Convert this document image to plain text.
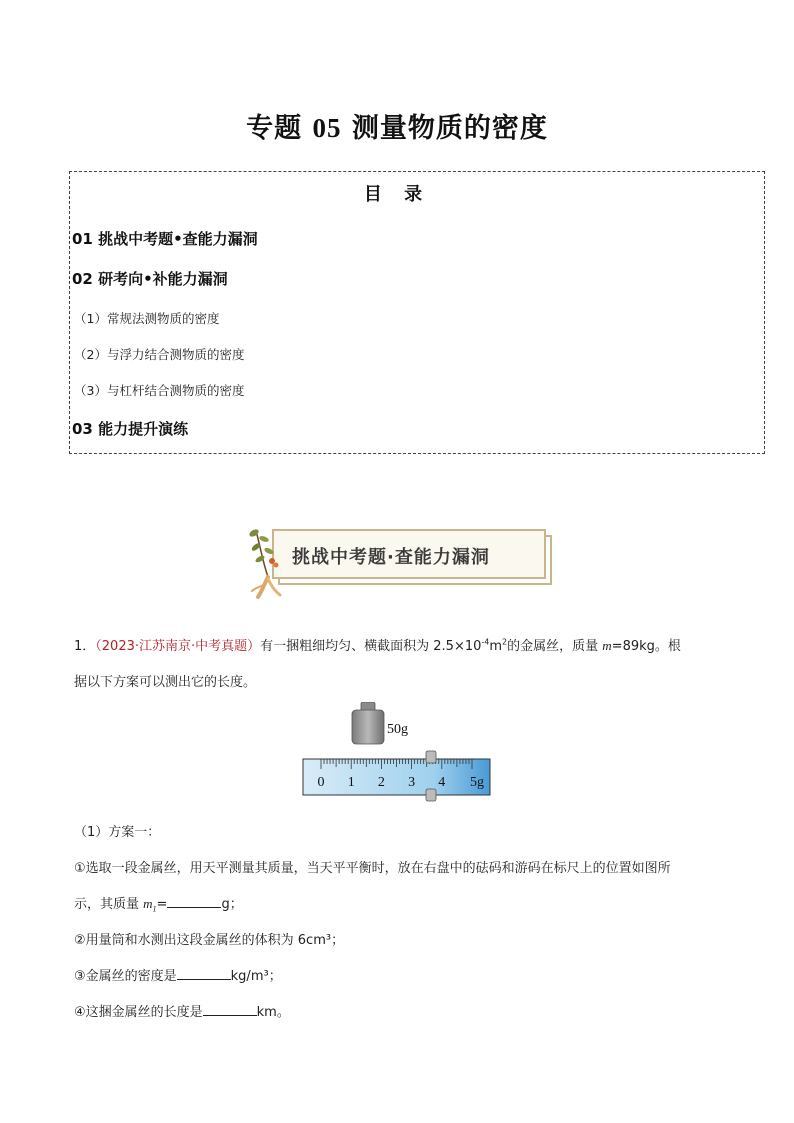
专题 05 测量物质的密度
目 录
01 挑战中考题•查能力漏洞
02 研考向•补能力漏洞
（1）常规法测物质的密度
（2）与浮力结合测物质的密度
（3）与杠杆结合测物质的密度
03 能力提升演练
挑战中考题·查能力漏洞
1．（2023·江苏南京·中考真题）有一捆粗细均匀、横截面积为 $2.5\times 10^{-4}m^2$的金属丝，质量 m=89kg。根
据以下方案可以测出它的长度。
0 1 2 3 4 5g
50g
（1）方案一：
①选取一段金属丝，用天平测量其质量，当天平平衡时，放在右盘中的砝码和游码在标尺上的位置如图所
示，其质量 $m_1=$	g；
②用量筒和水测出这段金属丝的体积为 6cm³；
③金属丝的密度是	kg/m³；
④这捆金属丝的长度是	km。
